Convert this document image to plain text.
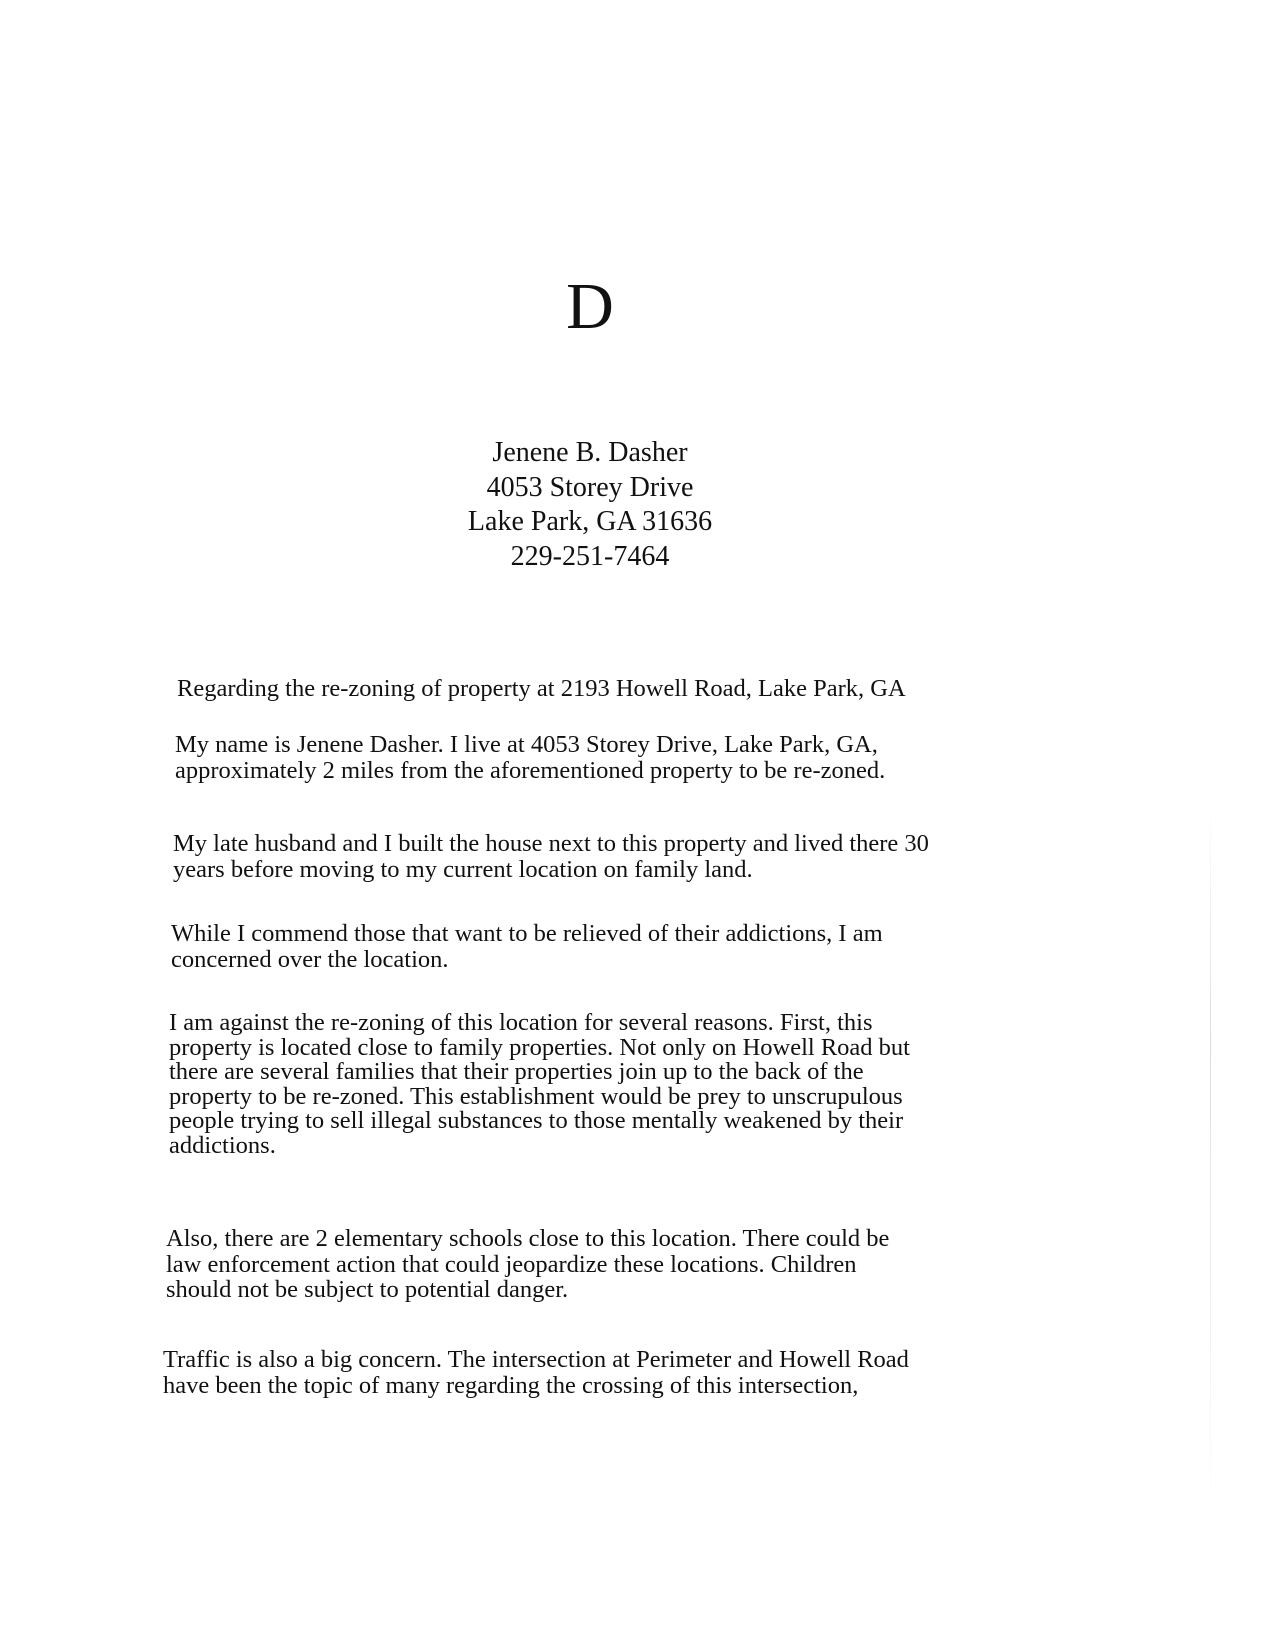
D
Jenene B. Dasher
4053 Storey Drive
Lake Park, GA 31636
229-251-7464
Regarding the re-zoning of property at 2193 Howell Road, Lake Park, GA
My name is Jenene Dasher. I live at 4053 Storey Drive, Lake Park, GA,
approximately 2 miles from the aforementioned property to be re-zoned.
My late husband and I built the house next to this property and lived there 30
years before moving to my current location on family land.
While I commend those that want to be relieved of their addictions, I am
concerned over the location.
I am against the re-zoning of this location for several reasons. First, this
property is located close to family properties. Not only on Howell Road but
there are several families that their properties join up to the back of the
property to be re-zoned. This establishment would be prey to unscrupulous
people trying to sell illegal substances to those mentally weakened by their
addictions.
Also, there are 2 elementary schools close to this location. There could be
law enforcement action that could jeopardize these locations. Children
should not be subject to potential danger.
Traffic is also a big concern. The intersection at Perimeter and Howell Road
have been the topic of many regarding the crossing of this intersection,
